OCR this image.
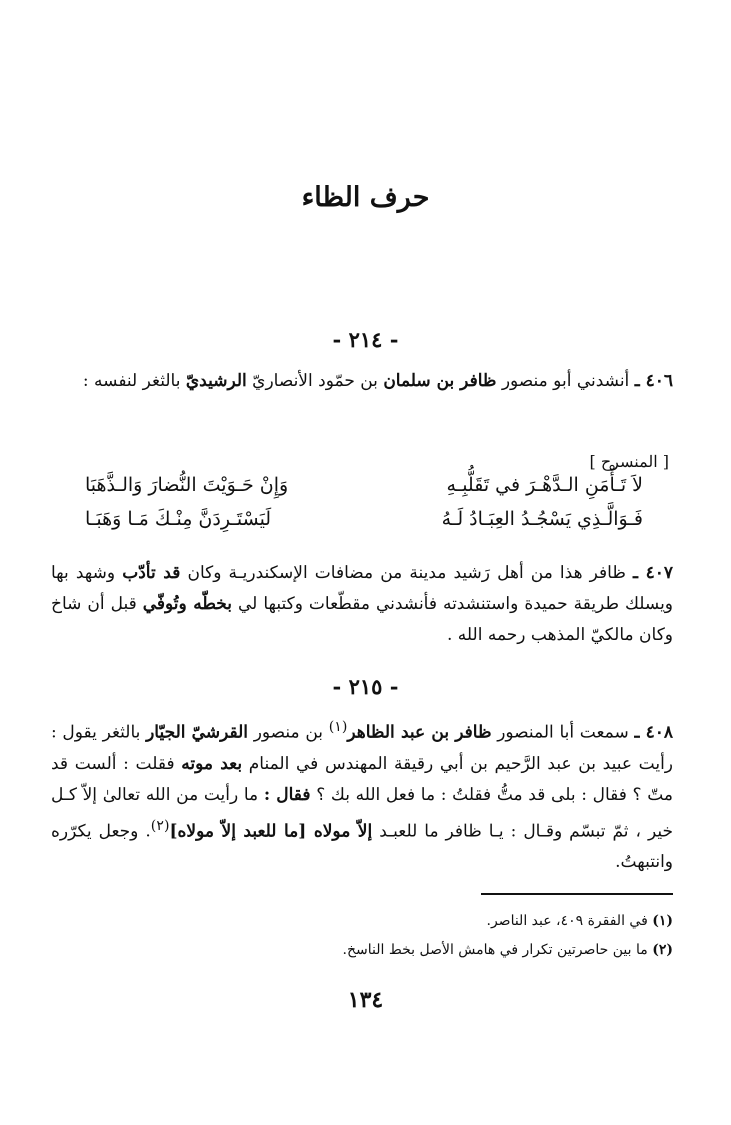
حرف الظاء
- ٢١٤ -
٤٠٦ ـ أنشدني أبو منصور ظافر بن سلمان بن حمّود الأنصاريّ الرشيديّ بالثغر لنفسه :
[ المنسرح ]
لاَ تَـأْمَنِ الـدَّهْـرَ في تَقَلُّبِـهِ
وَإِنْ حَـوَيْتَ النُّضارَ وَالـذَّهَبَا
فَـوَالَّـذِي يَسْجُـدُ العِبَـادُ لَـهُ
لَيَسْتَـرِدَنَّ مِنْـكَ مَـا وَهَبَـا
٤٠٧ ـ ظافر هذا من أهل رَشيد مدينة من مضافات الإسكندريـة وكان قد تأدّب وشهد بها ويسلك طريقة حميدة واستنشدته فأنشدني مقطّعات وكتبها لي بخطّه وتُوفّي قبل أن شاخ وكان مالكيّ المذهب رحمه الله .
- ٢١٥ -
٤٠٨ ـ سمعت أبا المنصور ظافر بن عبد الظاهر$^{(١)}$ بن منصور القرشيّ الجيّار بالثغر يقول : رأيت عبيد بن عبد الرَّحيم بن أبي رقيقة المهندس في المنام بعد موته فقلت : ألست قد متّ ؟ فقال : بلى قد متُّ فقلتُ : ما فعل الله بك ؟ فقال : ما رأيت من الله تعالىٰ إلاّ كـل خير ، ثمّ تبسّم وقـال : يـا ظافر ما للعبـد إلاّ مولاه [ما للعبد إلاّ مولاه]$^{(٢)}$. وجعل يكرّره وانتبهتُ.
(١) في الفقرة ٤٠٩، عبد الناصر.
(٢) ما بين حاصرتين تكرار في هامش الأصل بخط الناسخ.
١٣٤
